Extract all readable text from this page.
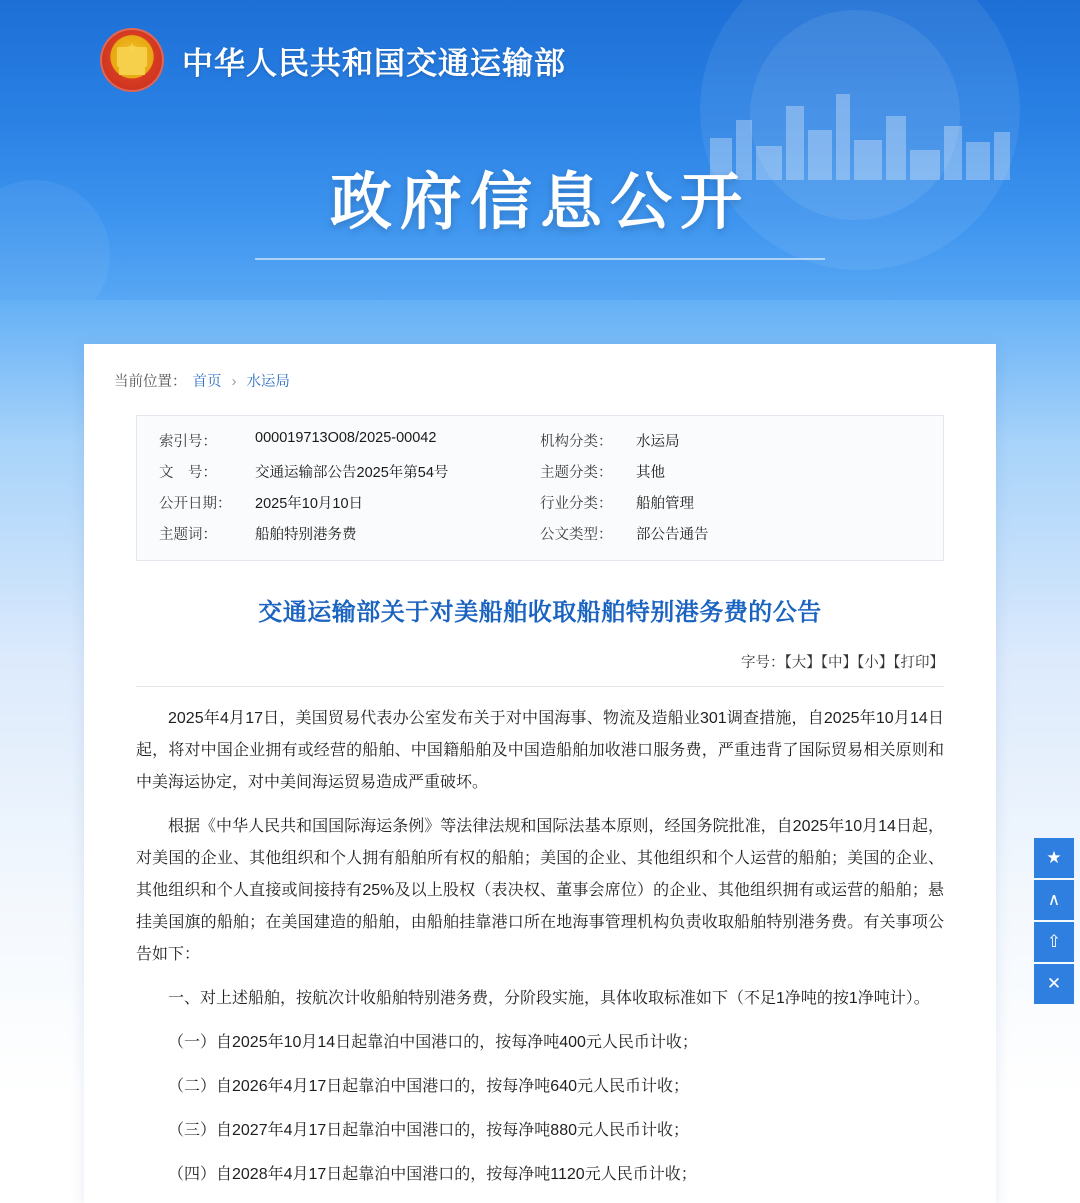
★
中华人民共和国交通运输部
政府信息公开
当前位置： 首页 › 水运局
索引号：	000019713O08/2025-00042	机构分类：	水运局
文　号：	交通运输部公告2025年第54号	主题分类：	其他
公开日期：	2025年10月10日	行业分类：	船舶管理
主题词：	船舶特别港务费	公文类型：	部公告通告
交通运输部关于对美船舶收取船舶特别港务费的公告
字号：【大】【中】【小】【打印】

2025年4月17日，美国贸易代表办公室发布关于对中国海事、物流及造船业301调查措施，自2025年10月14日起，将对中国企业拥有或经营的船舶、中国籍船舶及中国造船舶加收港口服务费，严重违背了国际贸易相关原则和中美海运协定，对中美间海运贸易造成严重破坏。

根据《中华人民共和国国际海运条例》等法律法规和国际法基本原则，经国务院批准，自2025年10月14日起，对美国的企业、其他组织和个人拥有船舶所有权的船舶；美国的企业、其他组织和个人运营的船舶；美国的企业、其他组织和个人直接或间接持有25%及以上股权（表决权、董事会席位）的企业、其他组织拥有或运营的船舶；悬挂美国旗的船舶；在美国建造的船舶，由船舶挂靠港口所在地海事管理机构负责收取船舶特别港务费。有关事项公告如下：

一、对上述船舶，按航次计收船舶特别港务费，分阶段实施，具体收取标准如下（不足1净吨的按1净吨计）。

（一）自2025年10月14日起靠泊中国港口的，按每净吨400元人民币计收；

（二）自2026年4月17日起靠泊中国港口的，按每净吨640元人民币计收；

（三）自2027年4月17日起靠泊中国港口的，按每净吨880元人民币计收；

（四）自2028年4月17日起靠泊中国港口的，按每净吨1120元人民币计收；

★
∧
⇧
✕
